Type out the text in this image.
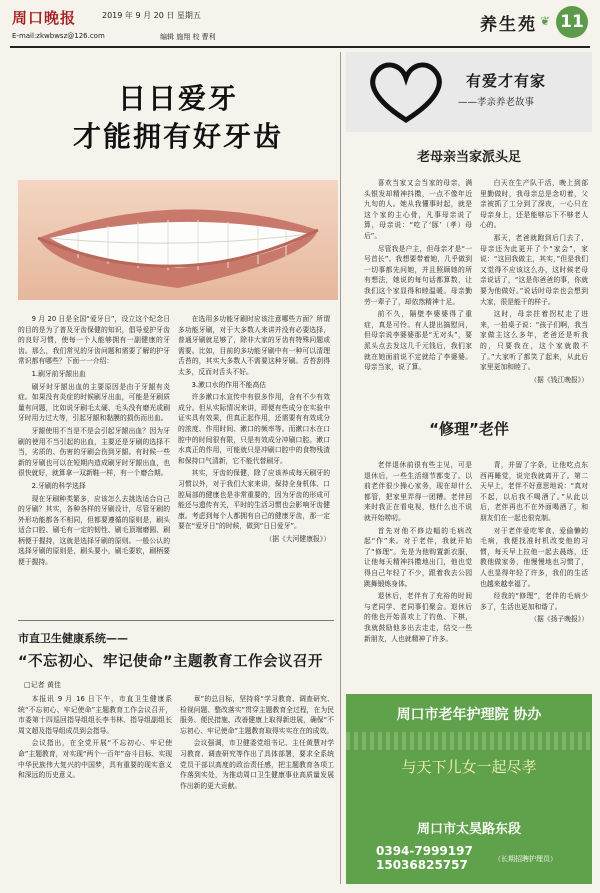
周口晚报	2019 年 9 月 20 日 星期五
E-mail:zkwbwsz@126.com	编辑 施翔 校 曹利
❦
养生苑 11
日日爱牙
才能拥有好牙齿

9 月 20 日是全国“爱牙日”，设立这个纪念日的目的是为了普及牙齿保健的知识，倡导爱护牙齿的良好习惯，使每一个人能够拥有一副健康的牙齿。那么，我们常见的牙齿问题和需要了解的护牙常识都有哪些？下面一一介绍：

1.刷牙前牙龈出血

刷牙时牙龈出血的主要原因是由于牙龈有炎症。如果没有炎症的时候刷牙出血，可能是牙刷质量有问题，比如说牙刷毛太硬、毛头没有磨光或刷牙时用力过大等，引起牙龈和黏膜的损伤而出血。

牙龈使用不当是不是会引起牙龈出血？因为牙刷的使用不当引起的出血，主要还是牙刷的选择不当，劣质的、伤害的牙刷会伤到牙龈。有时候一些新的牙刷也可以在短期内造成刷牙时牙龈出血，也很快就好，就算拿一双新鞋一样，有一个磨合期。

2.牙刷的科学选择

现在牙刷种类繁多，应该怎么去挑选适合自己的牙刷？其实，各种各样的牙刷设计，尽管牙刷的外形功能都各不相同，但都要遵循的原则是，刷头适合口腔、刷毛有一定的韧性、刷毛顶端磨圆、刷柄便于握持，这就是选择牙刷的原则。一般公认的选择牙刷的原则是，刷头要小，刷毛要软，刷柄要便于握持。

在选用多功能牙刷时应该注意哪些方面？所谓多功能牙刷，对于大多数人来讲并没有必要选择，普通牙刷就足够了，除非大家的牙齿有特殊问题或需要。比如，目前的多功能牙刷中有一种可以清理舌苔的，其实大多数人不需要这种牙刷。舌苔刮得太多，反而对舌头不好。

3.漱口水的作用不能高估

许多漱口水宣传中有很多作用，含有不少有效成分。但从实际情况来讲，即便有些成分在实验中证实具有效果，但真正起作用，还需要有有效成分的浓度、作用时间、漱口的频率等。而漱口水在口腔中的时间很有限，只是有效成分冲刷口腔。漱口水真正的作用，可能就只是冲刷口腔中的食物残渣和保持口气清新，它不能代替刷牙。

其实，牙齿的保健，除了应该养成每天刷牙的习惯以外，对于我们大家来讲，保持全身机体、口腔局部的健康也是非常重要的，因为牙齿的形成可能还与遗传有关，平时的生活习惯也会影响牙齿健康。考虑到每个人都拥有自己的健康牙齿，那一定要在“爱牙日”的时候，做到“日日爱牙”。

（据《大河健康报》）

有爱才有家
——孝亲养老故事
老母亲当家派头足

喜欢当家又会当家的母亲，满头银发却精神抖擞，一点不像年近九旬的人。她从我懂事时起，就是这个家的主心骨，凡事母亲说了算，母亲说：“吃了‘豚’（孝）母后”。

尽管我是户主，但母亲才是“一号首长”。我想要带着她，几乎做到一切事都先问她，并且照顾她的所有想法，她说的每句话都算数，让我们这个家显得和睦温暖。母亲勤劳一辈子了，却依然精神十足。

前不久，隔壁李婆婆得了重症，真是可怜。有人提出搞慰问，但母亲说李婆婆那是“无对头”，要派头点去发这几千元钱后，我们家就在她面前说不定就给了李婆婆。母亲当家，说了算。

白天在生产队干活，晚上到部里勤做时，我母亲总是念叨着，父亲被抓了工分到了深夜，一心只在母亲身上，还是能够忘下不够老人心的。

那天，老爸就跑到后门去了，母亲还为此更开了个“家会”，家说：“这回我做主，其实，”但是我们又觉得不应该这么办，这时候老母亲说话了，“这是你爸爸的事，你就要为他做好。”说话时母亲也会想到大家，很是能干的样子。

这时，母亲拄着拐杖走了进来，一拍桌子说：“孩子们啊，我当家做主这么多年，老爸还是听我的，只要我在，这个家就散不了。”大家听了都笑了起来，从此后家里更加和睦了。

（据《钱江晚报》）

“修理”老伴

老伴退休前很有些主见，可是退休后，一些生活细节都变了。以前老伴很少操心家务，现在却什么都管，把家里弄得一团糟。老伴回来时我正在看电视，他什么也不说就开始唠叨。

首先对他不修边幅的毛病改起“作”来。对于老伴，我就开始了“修理”。先是为他购置新衣服，让他每天精神抖擞地出门，他也觉得自己年轻了不少，跟着我去公园跳舞锻炼身体。

退休后，老伴有了充裕的时间与老同学、老同事们聚会。退休后的他也开始喜欢上了钓鱼、下棋，我就鼓励他多出去走走，结交一些新朋友，人也就精神了许多。

青，并留了字条，让他吃点东西再睡觉，说完我就离开了。第二天早上，老伴不好意思地说：“真对不起，以后我不喝酒了。”从此以后，老伴再也不在外面喝酒了，和朋友们在一起也很克制。

对于老伴爱吃零食、爱偷懒的毛病，我便找准时机改变他的习惯，每天早上拉他一起去晨练，还教他做家务，他慢慢地也习惯了，人也显得年轻了许多，我们的生活也越来越幸福了。

经我的“修理”，老伴的毛病少多了，生活也更加和谐了。

（据《扬子晚报》）

周口市老年护理院 协办
与天下儿女一起尽孝
周口市太昊路东段
0394-7999197
15036825757	（长期招聘护理员）
市直卫生健康系统——
“不忘初心、牢记使命”主题教育工作会议召开
□记者 黄佳

本报讯 9 月 16 日下午，市直卫生健康系统“不忘初心、牢记使命”主题教育工作会议召开，市委第十四巡回指导组组长李书林、指导组副组长周文超及指导组成员到会指导。

会议指出，在全党开展“不忘初心、牢记使命”主题教育，对实现“两个一百年”奋斗目标、实现中华民族伟大复兴的中国梦，具有重要的现实意义和深远的历史意义。

章”的总目标，坚持将“学习教育、调查研究、检视问题、整改落实”贯穿主题教育全过程，在为民服务、便民措施、改善健康上取得新进展，确保“不忘初心、牢记使命”主题教育取得实实在在的成效。

会议强调，市卫健委党组书记、主任黄慧对学习教育、调查研究等作出了具体部署，要求全系统党员干部以高度的政治责任感，把主题教育各项工作落到实处，为推动周口卫生健康事业高质量发展作出新的更大贡献。
